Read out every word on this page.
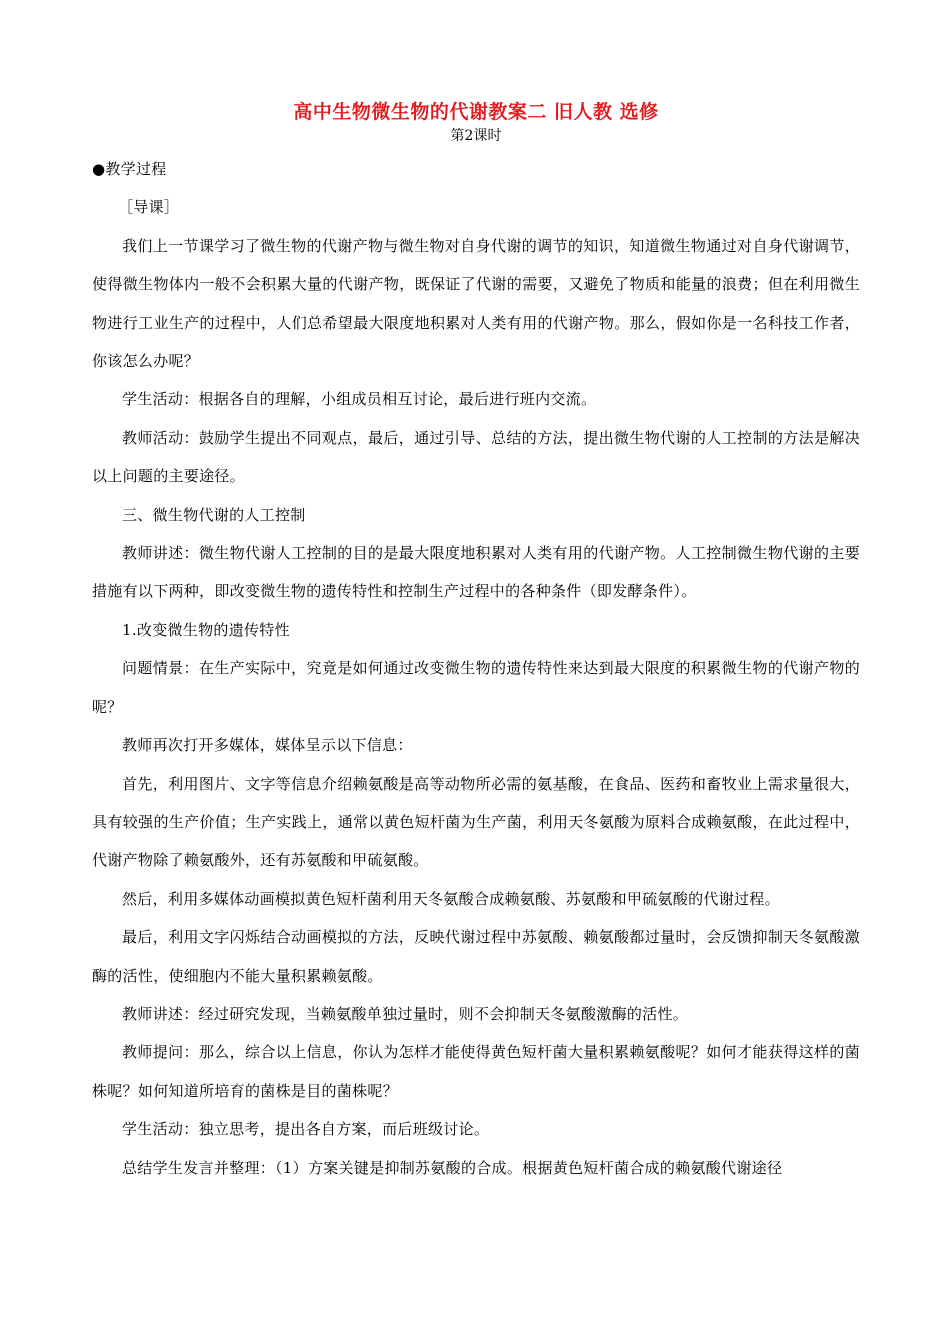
高中生物微生物的代谢教案二 旧人教 选修

第2课时

●教学过程

［导课］

我们上一节课学习了微生物的代谢产物与微生物对自身代谢的调节的知识，知道微生物通过对自身代谢调节，使得微生物体内一般不会积累大量的代谢产物，既保证了代谢的需要，又避免了物质和能量的浪费；但在利用微生物进行工业生产的过程中，人们总希望最大限度地积累对人类有用的代谢产物。那么，假如你是一名科技工作者，你该怎么办呢？

学生活动：根据各自的理解，小组成员相互讨论，最后进行班内交流。

教师活动：鼓励学生提出不同观点，最后，通过引导、总结的方法，提出微生物代谢的人工控制的方法是解决以上问题的主要途径。

三、微生物代谢的人工控制

教师讲述：微生物代谢人工控制的目的是最大限度地积累对人类有用的代谢产物。人工控制微生物代谢的主要措施有以下两种，即改变微生物的遗传特性和控制生产过程中的各种条件（即发酵条件）。

1.改变微生物的遗传特性

问题情景：在生产实际中，究竟是如何通过改变微生物的遗传特性来达到最大限度的积累微生物的代谢产物的呢？

教师再次打开多媒体，媒体呈示以下信息：

首先，利用图片、文字等信息介绍赖氨酸是高等动物所必需的氨基酸，在食品、医药和畜牧业上需求量很大，具有较强的生产价值；生产实践上，通常以黄色短杆菌为生产菌，利用天冬氨酸为原料合成赖氨酸，在此过程中，代谢产物除了赖氨酸外，还有苏氨酸和甲硫氨酸。

然后，利用多媒体动画模拟黄色短杆菌利用天冬氨酸合成赖氨酸、苏氨酸和甲硫氨酸的代谢过程。

最后，利用文字闪烁结合动画模拟的方法，反映代谢过程中苏氨酸、赖氨酸都过量时，会反馈抑制天冬氨酸激酶的活性，使细胞内不能大量积累赖氨酸。

教师讲述：经过研究发现，当赖氨酸单独过量时，则不会抑制天冬氨酸激酶的活性。

教师提问：那么，综合以上信息，你认为怎样才能使得黄色短杆菌大量积累赖氨酸呢？如何才能获得这样的菌株呢？如何知道所培育的菌株是目的菌株呢？

学生活动：独立思考，提出各自方案，而后班级讨论。

总结学生发言并整理：（1）方案关键是抑制苏氨酸的合成。根据黄色短杆菌合成的赖氨酸代谢途径
